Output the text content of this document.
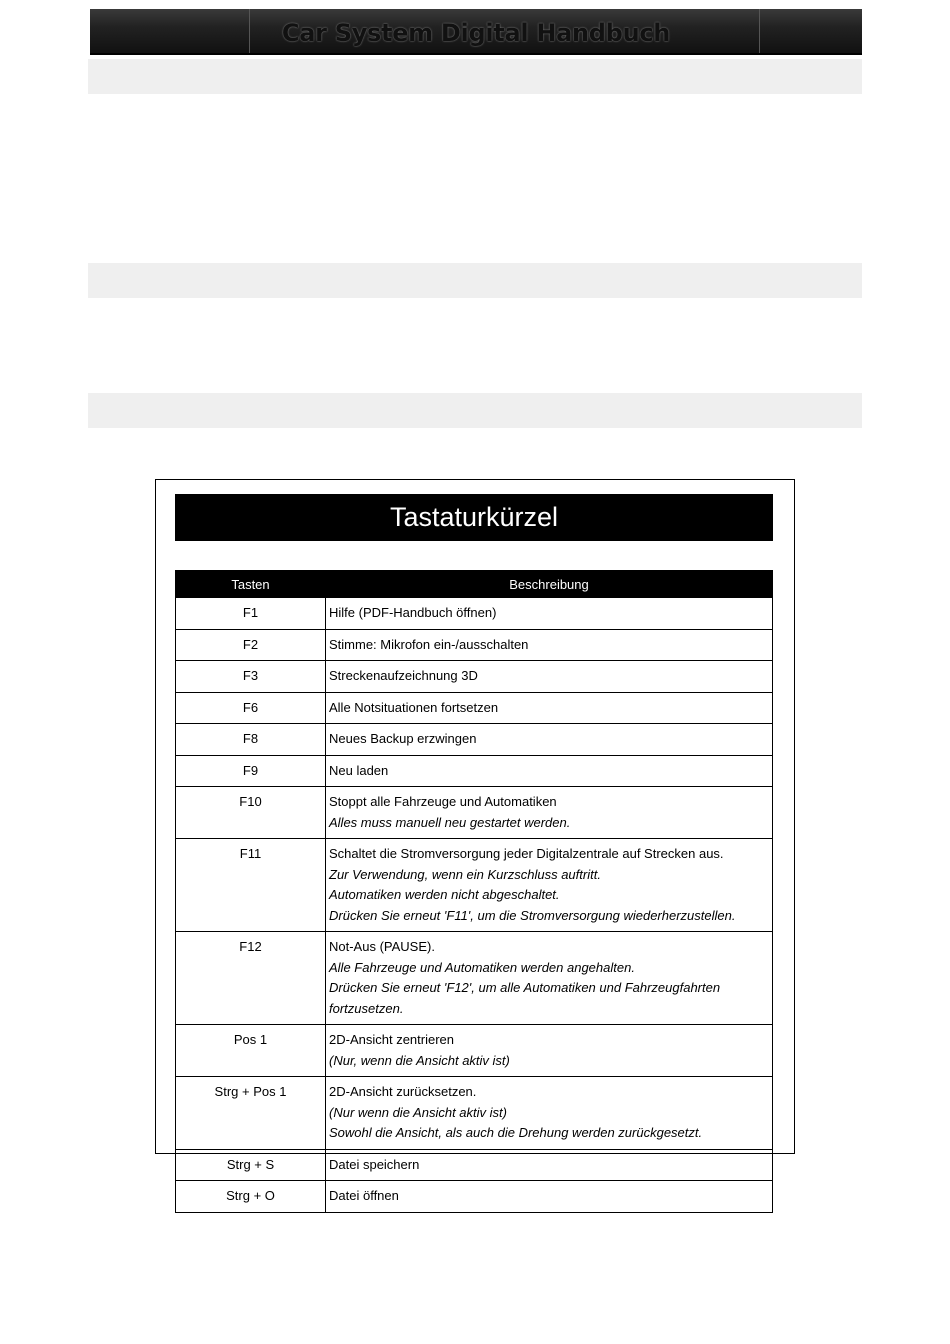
Car System Digital Handbuch
Tastaturkürzel
Tasten	Beschreibung
F1	Hilfe (PDF-Handbuch öffnen)

F2	Stimme: Mikrofon ein-/ausschalten

F3	Streckenaufzeichnung 3D

F6	Alle Notsituationen fortsetzen

F8	Neues Backup erzwingen

F9	Neu laden

F10	Stoppt alle Fahrzeuge und Automatiken
Alles muss manuell neu gestartet werden.

F11	Schaltet die Stromversorgung jeder Digitalzentrale auf Strecken aus.
Zur Verwendung, wenn ein Kurzschluss auftritt.
Automatiken werden nicht abgeschaltet.
Drücken Sie erneut 'F11', um die Stromversorgung wiederherzustellen.

F12	Not-Aus (PAUSE).
Alle Fahrzeuge und Automatiken werden angehalten.
Drücken Sie erneut 'F12', um alle Automatiken und Fahrzeugfahrten fortzusetzen.

Pos 1	2D-Ansicht zentrieren
(Nur, wenn die Ansicht aktiv ist)

Strg + Pos 1	2D-Ansicht zurücksetzen.
(Nur wenn die Ansicht aktiv ist)
Sowohl die Ansicht, als auch die Drehung werden zurückgesetzt.

Strg + S	Datei speichern

Strg + O	Datei öffnen
